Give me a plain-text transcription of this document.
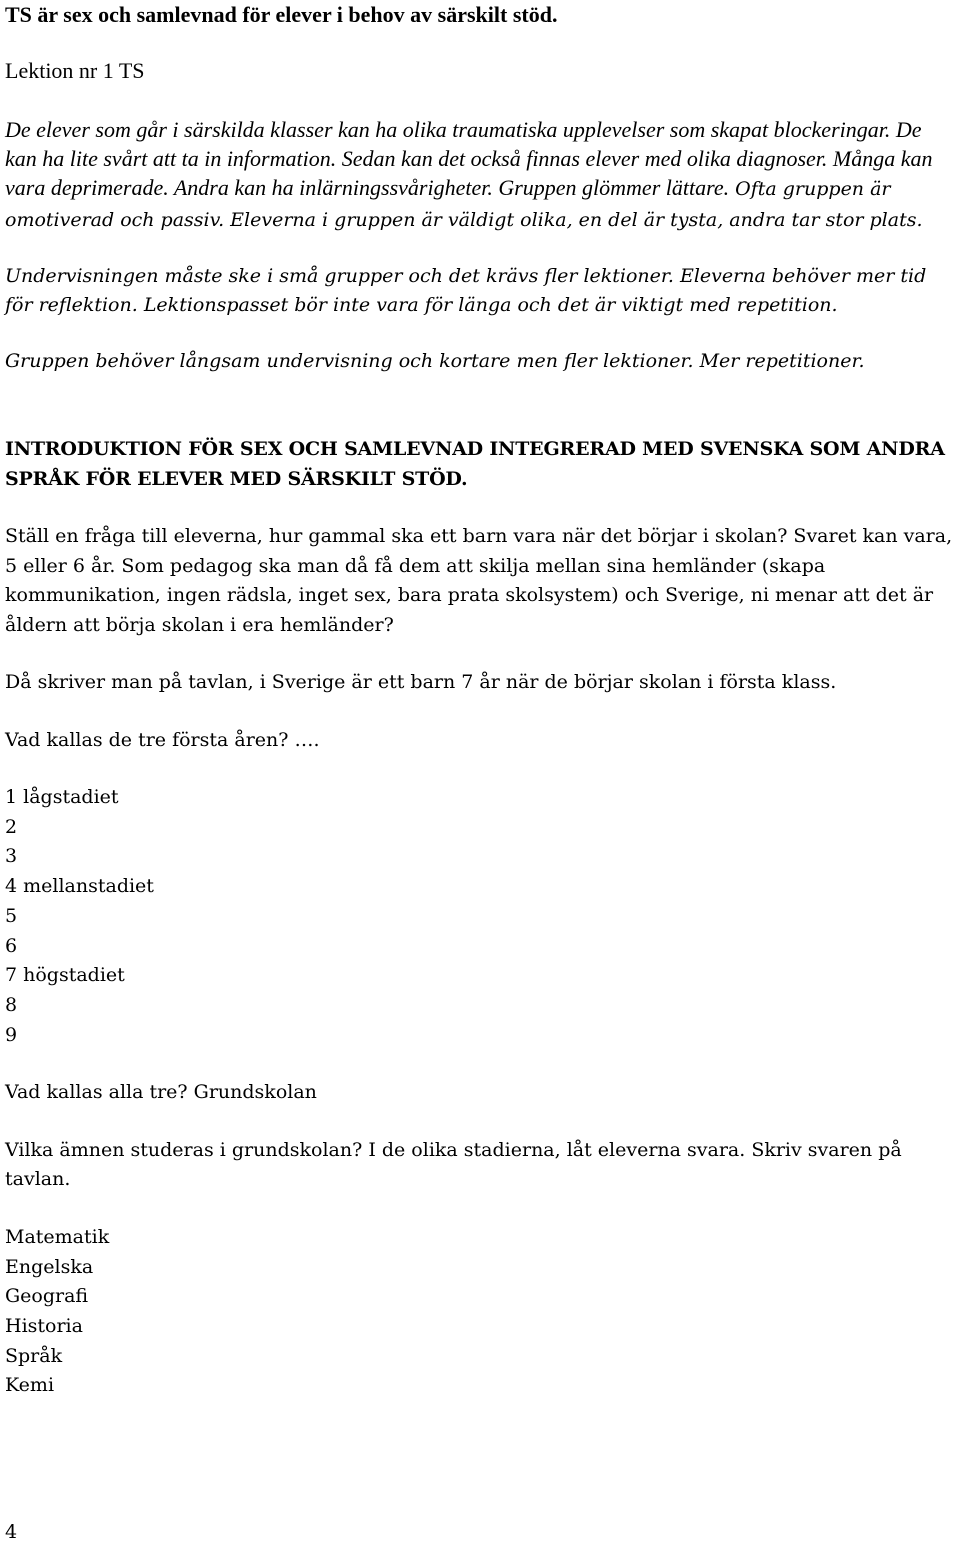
TS är sex och samlevnad för elever i behov av särskilt stöd.

Lektion nr 1 TS

De elever som går i särskilda klasser kan ha olika traumatiska upplevelser som skapat blockeringar. De kan ha lite svårt att ta in information. Sedan kan det också finnas elever med olika diagnoser. Många kan vara deprimerade. Andra kan ha inlärningssvårigheter. Gruppen glömmer lättare. Ofta gruppen är omotiverad och passiv. Eleverna i gruppen är väldigt olika, en del är tysta, andra tar stor plats.

Undervisningen måste ske i små grupper och det krävs fler lektioner. Eleverna behöver mer tid för reflektion. Lektionspasset bör inte vara för länga och det är viktigt med repetition.

Gruppen behöver långsam undervisning och kortare men fler lektioner. Mer repetitioner.

INTRODUKTION FÖR SEX OCH SAMLEVNAD INTEGRERAD MED SVENSKA SOM ANDRA SPRÅK FÖR ELEVER MED SÄRSKILT STÖD.

Ställ en fråga till eleverna, hur gammal ska ett barn vara när det börjar i skolan? Svaret kan vara, 5 eller 6 år. Som pedagog ska man då få dem att skilja mellan sina hemländer (skapa kommunikation, ingen rädsla, inget sex, bara prata skolsystem) och Sverige, ni menar att det är åldern att börja skolan i era hemländer?

Då skriver man på tavlan, i Sverige är ett barn 7 år när de börjar skolan i första klass.

Vad kallas de tre första åren? ….

1 lågstadiet
2
3
4 mellanstadiet
5
6
7 högstadiet
8
9

Vad kallas alla tre? Grundskolan

Vilka ämnen studeras i grundskolan? I de olika stadierna, låt eleverna svara. Skriv svaren på tavlan.

Matematik
Engelska
Geografi
Historia
Språk
Kemi
4
